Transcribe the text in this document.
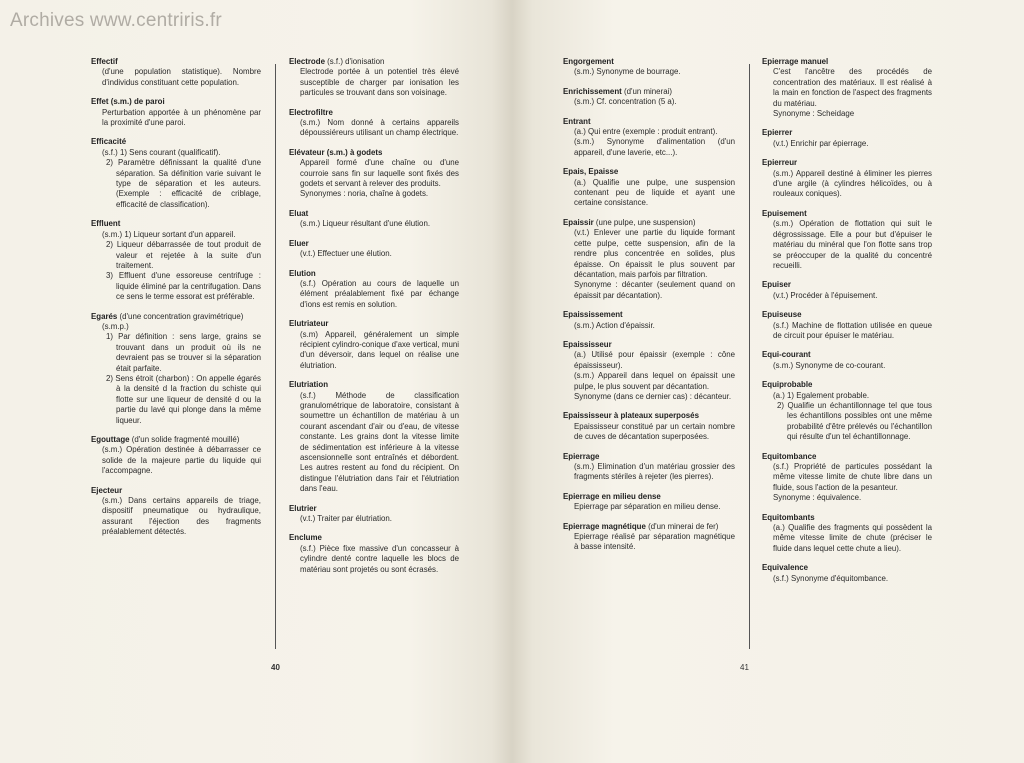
Archives www.centriris.fr
Effectif
(d'une population statistique). Nombre d'individus constituant cette population.
Effet (s.m.) de paroi
Perturbation apportée à un phénomène par la proximité d'une paroi.
Efficacité
(s.f.) 1) Sens courant (qualificatif).
2) Paramètre définissant la qualité d'une séparation. Sa définition varie suivant le type de séparation et les auteurs. (Exemple : efficacité de criblage, efficacité de classification).
Effluent
(s.m.) 1) Liqueur sortant d'un appareil.
2) Liqueur débarrassée de tout produit de valeur et rejetée à la suite d'un traitement.
3) Effluent d'une essoreuse centrifuge : liquide éliminé par la centrifugation. Dans ce sens le terme essorat est préférable.
Egarés (d'une concentration gravimétrique)
(s.m.p.)
1) Par définition : sens large, grains se trouvant dans un produit où ils ne devraient pas se trouver si la séparation était parfaite.
2) Sens étroit (charbon) : On appelle égarés à la densité d la fraction du schiste qui flotte sur une liqueur de densité d ou la partie du lavé qui plonge dans la même liqueur.
Egouttage (d'un solide fragmenté mouillé)
(s.m.) Opération destinée à débarrasser ce solide de la majeure partie du liquide qui l'accompagne.
Ejecteur
(s.m.) Dans certains appareils de triage, dispositif pneumatique ou hydraulique, assurant l'éjection des fragments préalablement détectés.
Electrode (s.f.) d'ionisation
Electrode portée à un potentiel très élevé susceptible de charger par ionisation les particules se trouvant dans son voisinage.
Electrofiltre
(s.m.) Nom donné à certains appareils dépoussiéreurs utilisant un champ électrique.
Elévateur (s.m.) à godets
Appareil formé d'une chaîne ou d'une courroie sans fin sur laquelle sont fixés des godets et servant à relever des produits.
Synonymes : noria, chaîne à godets.
Eluat
(s.m.) Liqueur résultant d'une élution.
Eluer
(v.t.) Effectuer une élution.
Elution
(s.f.) Opération au cours de laquelle un élément préalablement fixé par échange d'ions est remis en solution.
Elutriateur
(s.m) Appareil, généralement un simple récipient cylindro-conique d'axe vertical, muni d'un déversoir, dans lequel on réalise une élutriation.
Elutriation
(s.f.) Méthode de classification granulométrique de laboratoire, consistant à soumettre un échantillon de matériau à un courant ascendant d'air ou d'eau, de vitesse constante. Les grains dont la vitesse limite de sédimentation est inférieure à la vitesse ascensionnelle sont entraînés et débordent. Les autres restent au fond du récipient. On distingue l'élutriation dans l'air et l'élutriation dans l'eau.
Elutrier
(v.t.) Traiter par élutriation.
Enclume
(s.f.) Pièce fixe massive d'un concasseur à cylindre denté contre laquelle les blocs de matériau sont projetés ou sont écrasés.
40
Engorgement
(s.m.) Synonyme de bourrage.
Enrichissement (d'un minerai)
(s.m.) Cf. concentration (5 a).
Entrant
(a.) Qui entre (exemple : produit entrant).
(s.m.) Synonyme d'alimentation (d'un appareil, d'une laverie, etc...).
Epais, Epaisse
(a.) Qualifie une pulpe, une suspension contenant peu de liquide et ayant une certaine consistance.
Epaissir (une pulpe, une suspension)
(v.t.) Enlever une partie du liquide formant cette pulpe, cette suspension, afin de la rendre plus concentrée en solides, plus épaisse. On épaissit le plus souvent par décantation, mais parfois par filtration.
Synonyme : décanter (seulement quand on épaissit par décantation).
Epaississement
(s.m.) Action d'épaissir.
Epaississeur
(a.) Utilisé pour épaissir (exemple : cône épaississeur).
(s.m.) Appareil dans lequel on épaissit une pulpe, le plus souvent par décantation.
Synonyme (dans ce dernier cas) : décanteur.
Epaississeur à plateaux superposés
Epaississeur constitué par un certain nombre de cuves de décantation superposées.
Epierrage
(s.m.) Elimination d'un matériau grossier des fragments stériles à rejeter (les pierres).
Epierrage en milieu dense
Epierrage par séparation en milieu dense.
Epierrage magnétique (d'un minerai de fer)
Epierrage réalisé par séparation magnétique à basse intensité.
Epierrage manuel
C'est l'ancêtre des procédés de concentration des matériaux. Il est réalisé à la main en fonction de l'aspect des fragments du matériau.
Synonyme : Scheidage
Epierrer
(v.t.) Enrichir par épierrage.
Epierreur
(s.m.) Appareil destiné à éliminer les pierres d'une argile (à cylindres hélicoïdes, ou à rouleaux coniques).
Epuisement
(s.m.) Opération de flottation qui suit le dégrossissage. Elle a pour but d'épuiser le matériau du minéral que l'on flotte sans trop se préoccuper de la qualité du concentré recueilli.
Epuiser
(v.t.) Procéder à l'épuisement.
Epuiseuse
(s.f.) Machine de flottation utilisée en queue de circuit pour épuiser le matériau.
Equi-courant
(s.m.) Synonyme de co-courant.
Equiprobable
(a.) 1) Egalement probable.
2) Qualifie un échantillonnage tel que tous les échantillons possibles ont une même probabilité d'être prélevés ou l'échantillon qui résulte d'un tel échantillonnage.
Equitombance
(s.f.) Propriété de particules possédant la même vitesse limite de chute libre dans un fluide, sous l'action de la pesanteur.
Synonyme : équivalence.
Equitombants
(a.) Qualifie des fragments qui possèdent la même vitesse limite de chute (préciser le fluide dans lequel cette chute a lieu).
Equivalence
(s.f.) Synonyme d'équitombance.
41
